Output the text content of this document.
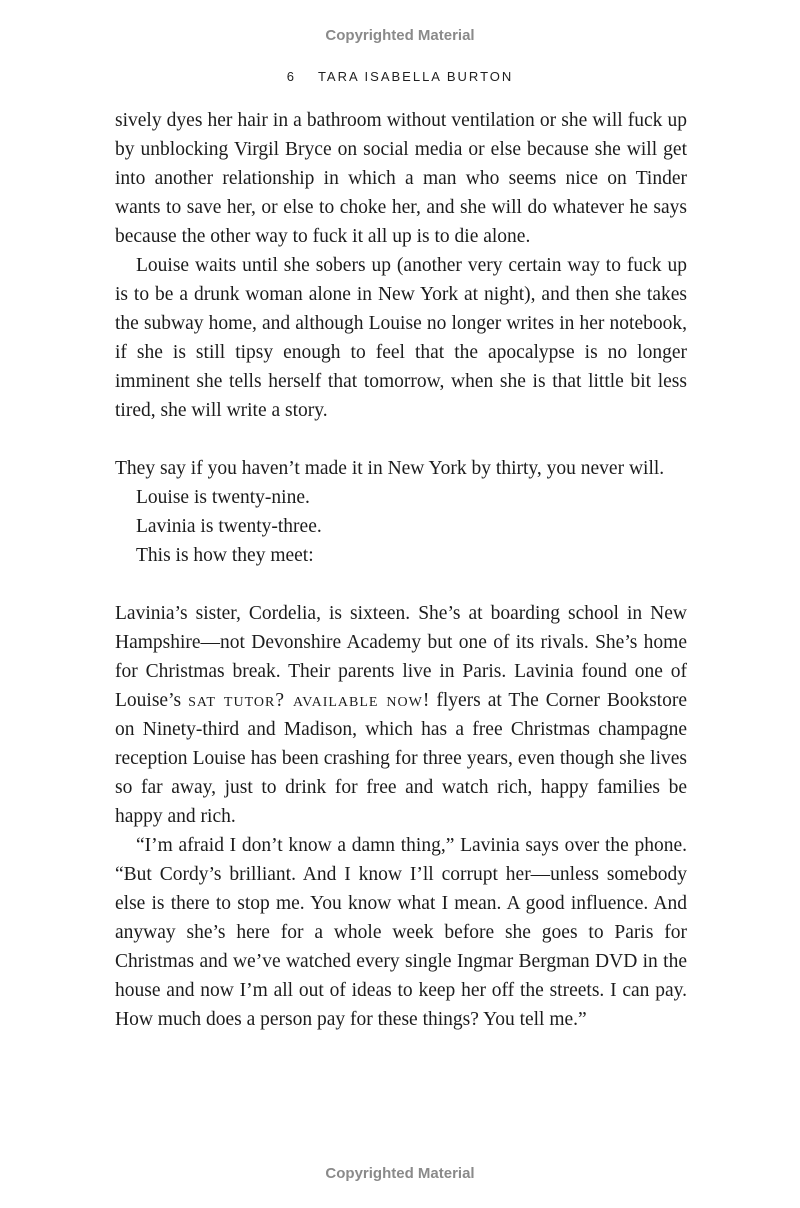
Copyrighted Material
6 TARA ISABELLA BURTON

sively dyes her hair in a bathroom without ventilation or she will fuck up by unblocking Virgil Bryce on social media or else because she will get into another relationship in which a man who seems nice on Tinder wants to save her, or else to choke her, and she will do whatever he says because the other way to fuck it all up is to die alone.

Louise waits until she sobers up (another very certain way to fuck up is to be a drunk woman alone in New York at night), and then she takes the subway home, and although Louise no longer writes in her notebook, if she is still tipsy enough to feel that the apocalypse is no longer imminent she tells herself that tomorrow, when she is that little bit less tired, she will write a story.

They say if you haven’t made it in New York by thirty, you never will.

Louise is twenty-nine.

Lavinia is twenty-three.

This is how they meet:

Lavinia’s sister, Cordelia, is sixteen. She’s at boarding school in New Hampshire—not Devonshire Academy but one of its rivals. She’s home for Christmas break. Their parents live in Paris. Lavinia found one of Louise’s sat tutor? available now! flyers at The Corner Bookstore on Ninety-third and Madison, which has a free Christmas champagne reception Louise has been crashing for three years, even though she lives so far away, just to drink for free and watch rich, happy families be happy and rich.

“I’m afraid I don’t know a damn thing,” Lavinia says over the phone. “But Cordy’s brilliant. And I know I’ll corrupt her—unless somebody else is there to stop me. You know what I mean. A good influence. And anyway she’s here for a whole week before she goes to Paris for Christmas and we’ve watched every single Ingmar Bergman DVD in the house and now I’m all out of ideas to keep her off the streets. I can pay. How much does a person pay for these things? You tell me.”

Copyrighted Material
